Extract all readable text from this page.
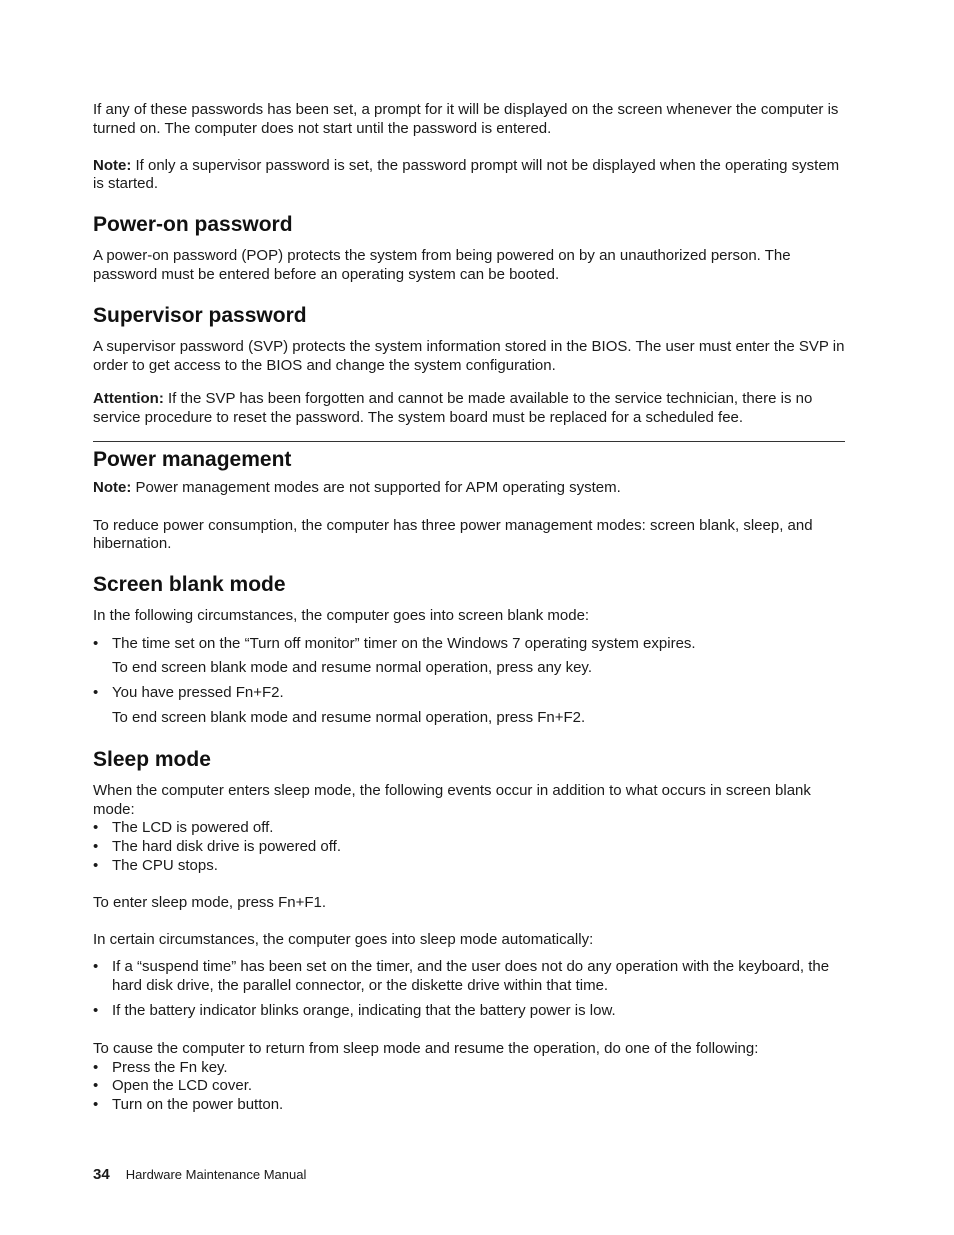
If any of these passwords has been set, a prompt for it will be displayed on the screen whenever the computer is turned on. The computer does not start until the password is entered.

Note: If only a supervisor password is set, the password prompt will not be displayed when the operating system is started.

Power-on password

A power-on password (POP) protects the system from being powered on by an unauthorized person. The password must be entered before an operating system can be booted.

Supervisor password

A supervisor password (SVP) protects the system information stored in the BIOS. The user must enter the SVP in order to get access to the BIOS and change the system configuration.

Attention: If the SVP has been forgotten and cannot be made available to the service technician, there is no service procedure to reset the password. The system board must be replaced for a scheduled fee.

Power management

Note: Power management modes are not supported for APM operating system.

To reduce power consumption, the computer has three power management modes: screen blank, sleep, and hibernation.

Screen blank mode

In the following circumstances, the computer goes into screen blank mode:

• The time set on the “Turn off monitor” timer on the Windows 7 operating system expires.
To end screen blank mode and resume normal operation, press any key.
• You have pressed Fn+F2.
To end screen blank mode and resume normal operation, press Fn+F2.
Sleep mode

When the computer enters sleep mode, the following events occur in addition to what occurs in screen blank mode:

• The LCD is powered off.
• The hard disk drive is powered off.
• The CPU stops.

To enter sleep mode, press Fn+F1.

In certain circumstances, the computer goes into sleep mode automatically:

• If a “suspend time” has been set on the timer, and the user does not do any operation with the keyboard, the hard disk drive, the parallel connector, or the diskette drive within that time.
• If the battery indicator blinks orange, indicating that the battery power is low.

To cause the computer to return from sleep mode and resume the operation, do one of the following:

• Press the Fn key.
• Open the LCD cover.
• Turn on the power button.
34 Hardware Maintenance Manual
